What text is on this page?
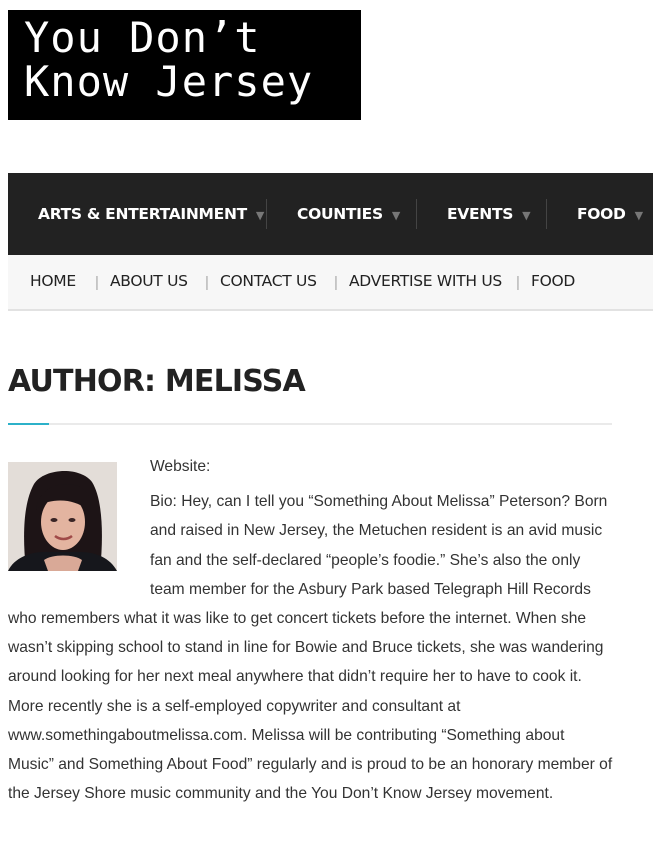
You Don’t
Know Jersey
ARTS & ENTERTAINMENT ▼ COUNTIES ▼	EVENTS ▼	FOOD ▼
HOME | ABOUT US | CONTACT US | ADVERTISE WITH US | FOOD
AUTHOR: MELISSA

Website:

Bio: Hey, can I tell you “Something About Melissa” Peterson? Born and raised in New Jersey, the Metuchen resident is an avid music fan and the self-declared “people’s foodie.” She’s also the only team member for the Asbury Park based Telegraph Hill Records who remembers what it was like to get concert tickets before the internet. When she wasn’t skipping school to stand in line for Bowie and Bruce tickets, she was wandering around looking for her next meal anywhere that didn’t require her to have to cook it. More recently she is a self-employed copywriter and consultant at www.somethingaboutmelissa.com. Melissa will be contributing “Something about Music” and Something About Food” regularly and is proud to be an honorary member of the Jersey Shore music community and the You Don’t Know Jersey movement.
